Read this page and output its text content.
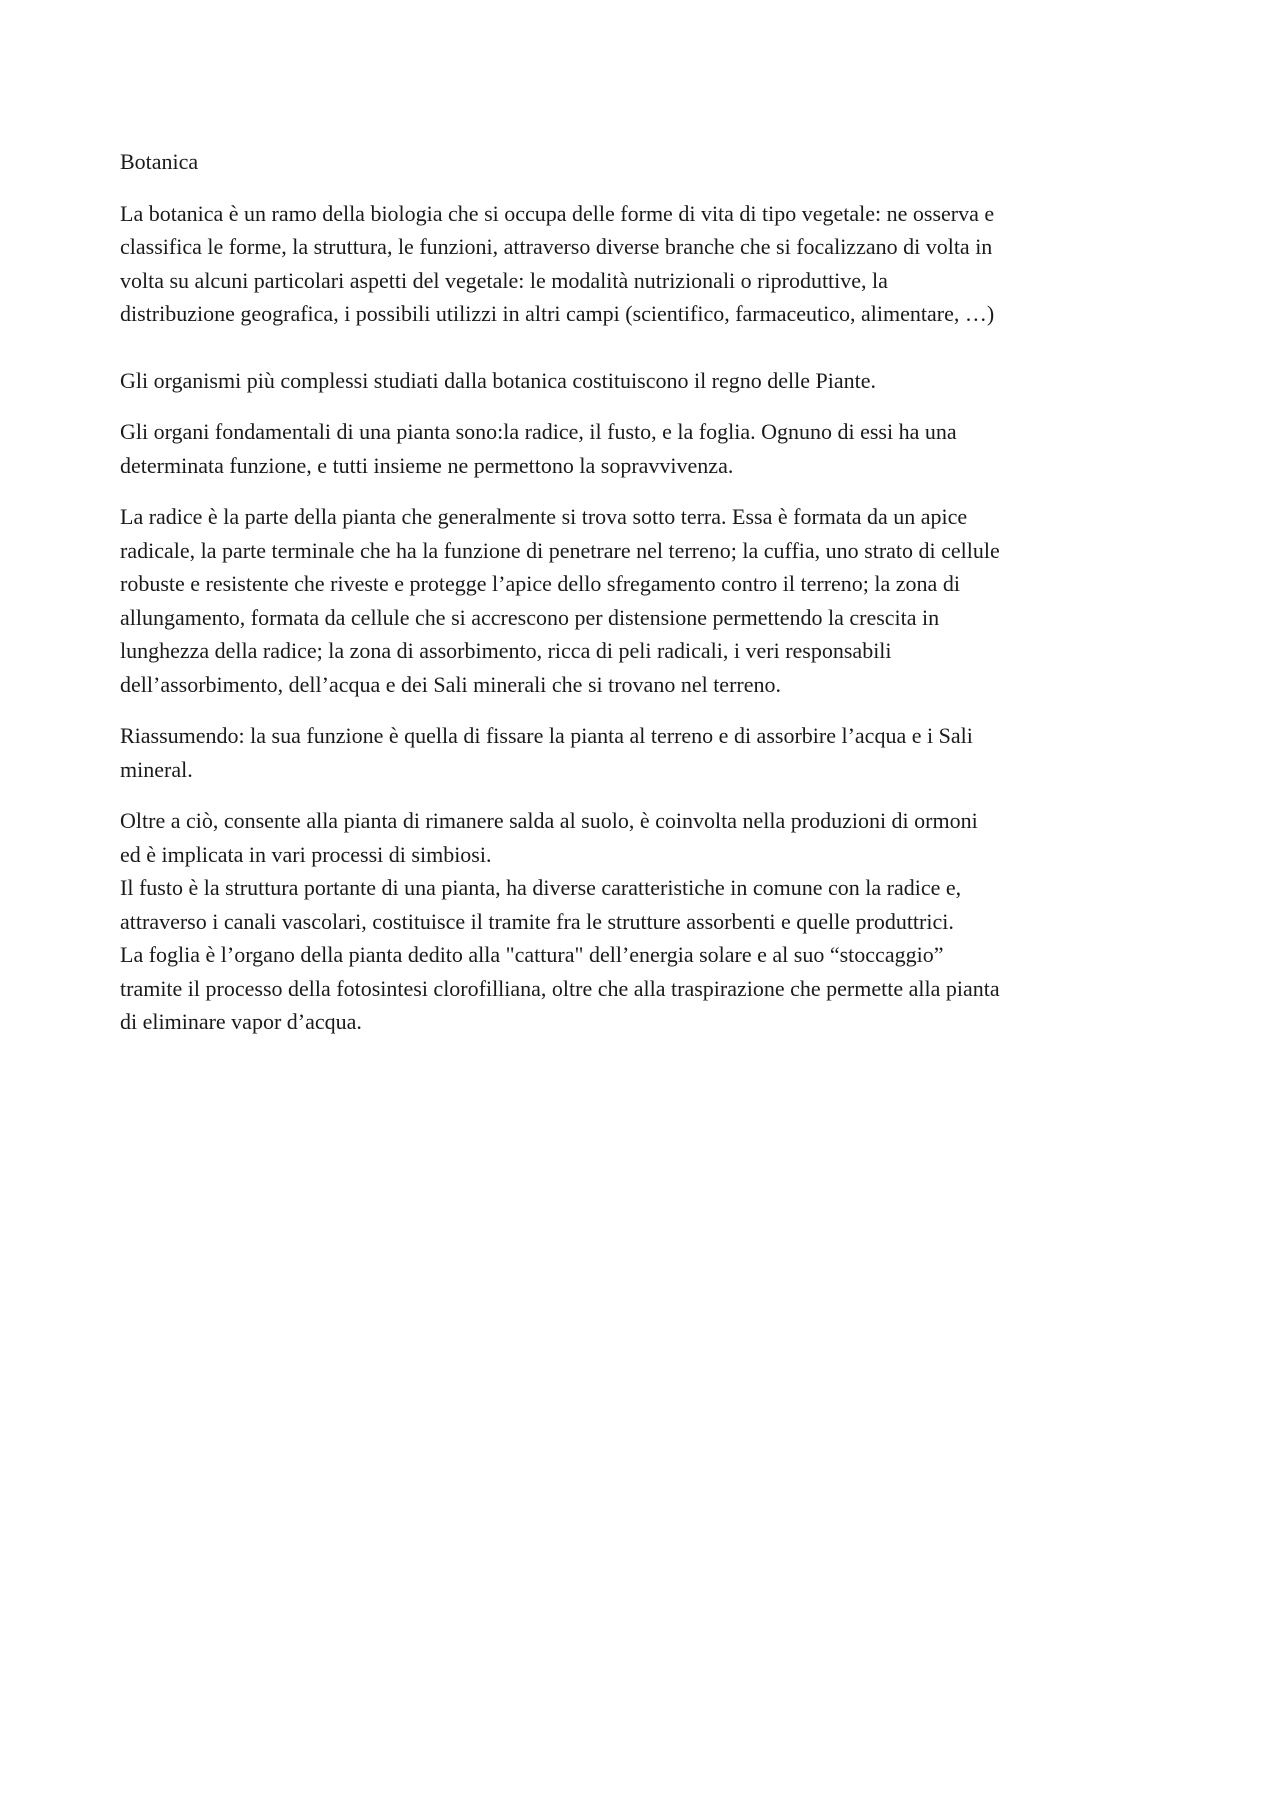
Botanica
La botanica è un ramo della biologia che si occupa delle forme di vita di tipo vegetale: ne osserva e
classifica le forme, la struttura, le funzioni, attraverso diverse branche che si focalizzano di volta in
volta su alcuni particolari aspetti del vegetale: le modalità nutrizionali o riproduttive, la
distribuzione geografica, i possibili utilizzi in altri campi (scientifico, farmaceutico, alimentare, …)
Gli organismi più complessi studiati dalla botanica costituiscono il regno delle Piante.
Gli organi fondamentali di una pianta sono:la radice, il fusto, e la foglia. Ognuno di essi ha una
determinata funzione, e tutti insieme ne permettono la sopravvivenza.
La radice è la parte della pianta che generalmente si trova sotto terra. Essa è formata da un apice
radicale, la parte terminale che ha la funzione di penetrare nel terreno; la cuffia, uno strato di cellule
robuste e resistente che riveste e protegge l’apice dello sfregamento contro il terreno; la zona di
allungamento, formata da cellule che si accrescono per distensione permettendo la crescita in
lunghezza della radice; la zona di assorbimento, ricca di peli radicali, i veri responsabili
dell’assorbimento, dell’acqua e dei Sali minerali che si trovano nel terreno.
Riassumendo: la sua funzione è quella di fissare la pianta al terreno e di assorbire l’acqua e i Sali
mineral.
Oltre a ciò, consente alla pianta di rimanere salda al suolo, è coinvolta nella produzioni di ormoni
ed è implicata in vari processi di simbiosi.
Il fusto è la struttura portante di una pianta, ha diverse caratteristiche in comune con la radice e,
attraverso i canali vascolari, costituisce il tramite fra le strutture assorbenti e quelle produttrici.
La foglia è l’organo della pianta dedito alla "cattura" dell’energia solare e al suo “stoccaggio”
tramite il processo della fotosintesi clorofilliana, oltre che alla traspirazione che permette alla pianta
di eliminare vapor d’acqua.
